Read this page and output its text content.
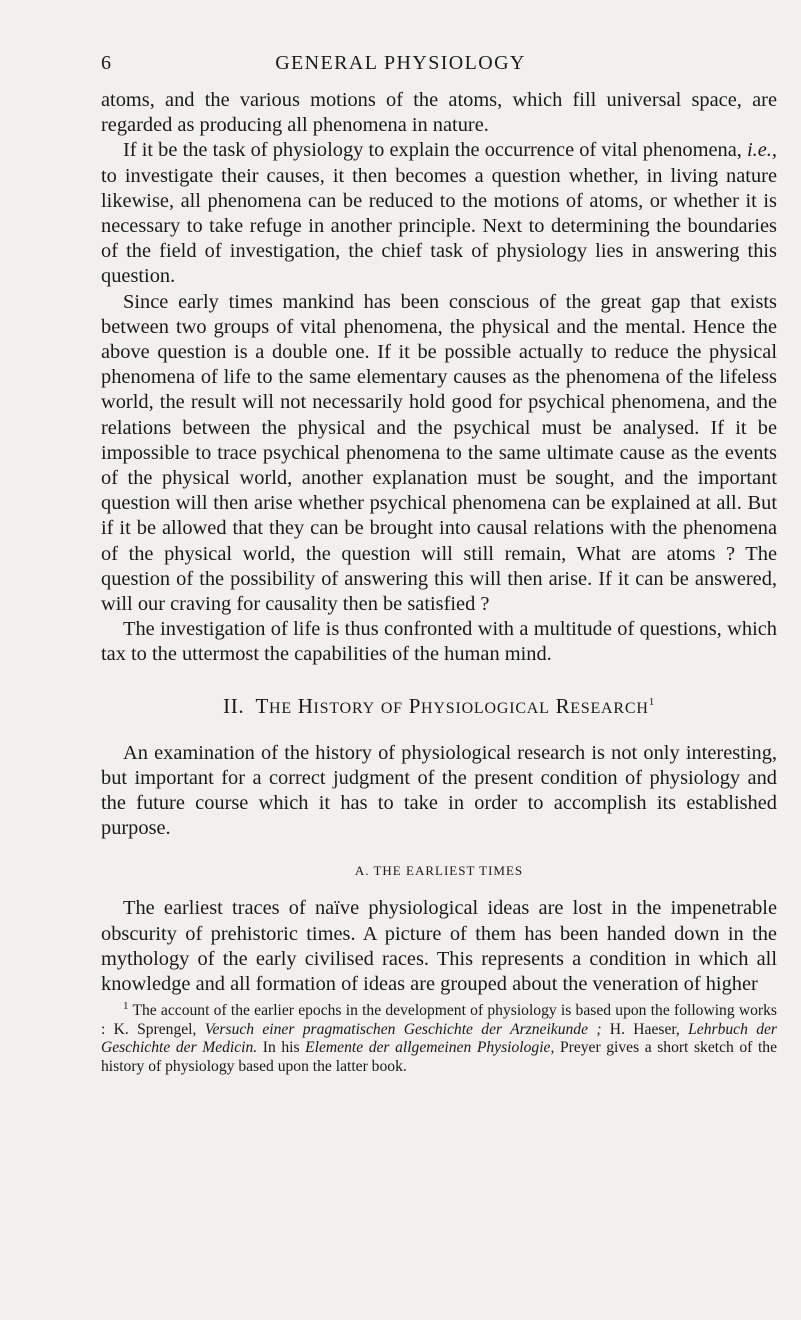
6	GENERAL PHYSIOLOGY

atoms, and the various motions of the atoms, which fill universal space, are regarded as producing all phenomena in nature.

If it be the task of physiology to explain the occurrence of vital phenomena, i.e., to investigate their causes, it then becomes a question whether, in living nature likewise, all phenomena can be reduced to the motions of atoms, or whether it is necessary to take refuge in another principle. Next to determining the boundaries of the field of investigation, the chief task of physiology lies in answering this question.

Since early times mankind has been conscious of the great gap that exists between two groups of vital phenomena, the physical and the mental. Hence the above question is a double one. If it be possible actually to reduce the physical phenomena of life to the same elementary causes as the phenomena of the lifeless world, the result will not necessarily hold good for psychical phenomena, and the relations between the physical and the psychical must be analysed. If it be impossible to trace psychical phenomena to the same ultimate cause as the events of the physical world, another explanation must be sought, and the important question will then arise whether psychical phenomena can be explained at all. But if it be allowed that they can be brought into causal relations with the phenomena of the physical world, the question will still remain, What are atoms ? The question of the possibility of answering this will then arise. If it can be answered, will our craving for causality then be satisfied ?

The investigation of life is thus confronted with a multitude of questions, which tax to the uttermost the capabilities of the human mind.

II. THE HISTORY OF PHYSIOLOGICAL RESEARCH$^1$

An examination of the history of physiological research is not only interesting, but important for a correct judgment of the present condition of physiology and the future course which it has to take in order to accomplish its established purpose.

A. THE EARLIEST TIMES

The earliest traces of naïve physiological ideas are lost in the impenetrable obscurity of prehistoric times. A picture of them has been handed down in the mythology of the early civilised races. This represents a condition in which all knowledge and all formation of ideas are grouped about the veneration of higher

$^1$ The account of the earlier epochs in the development of physiology is based upon the following works : K. Sprengel, Versuch einer pragmatischen Geschichte der Arzneikunde ; H. Haeser, Lehrbuch der Geschichte der Medicin. In his Elemente der allgemeinen Physiologie, Preyer gives a short sketch of the history of physiology based upon the latter book.
